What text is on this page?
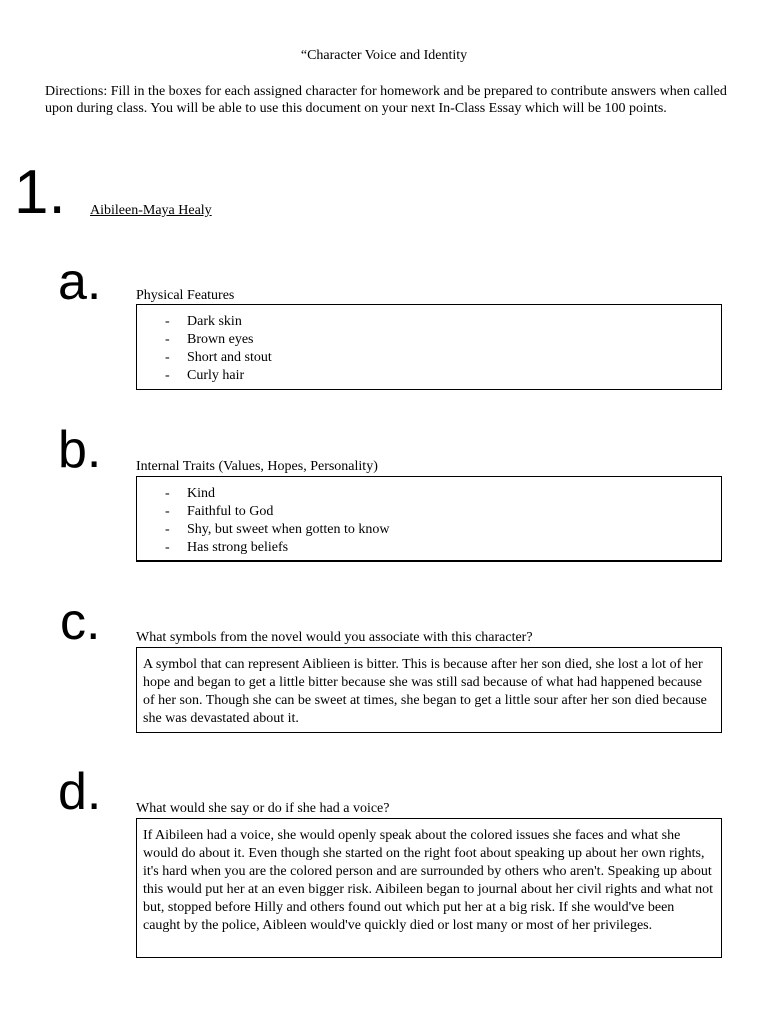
“Character Voice and Identity
Directions: Fill in the boxes for each assigned character for homework and be prepared to contribute answers when called upon during class. You will be able to use this document on your next In-Class Essay which will be 100 points.
1. Aibileen-Maya Healy
a. Physical Features
- Dark skin
- Brown eyes
- Short and stout
- Curly hair
b. Internal Traits (Values, Hopes, Personality)
- Kind
- Faithful to God
- Shy, but sweet when gotten to know
- Has strong beliefs
c.	What symbols from the novel would you associate with this character?

A symbol that can represent Aiblieen is bitter. This is because after her son died, she lost a lot of her hope and began to get a little bitter because she was still sad because of what had happened because of her son. Though she can be sweet at times, she began to get a little sour after her son died because she was devastated about it.

d. What would she say or do if she had a voice?

If Aibileen had a voice, she would openly speak about the colored issues she faces and what she would do about it. Even though she started on the right foot about speaking up about her own rights, it's hard when you are the colored person and are surrounded by others who aren't. Speaking up about this would put her at an even bigger risk. Aibileen began to journal about her civil rights and what not but, stopped before Hilly and others found out which put her at a big risk. If she would've been caught by the police, Aibleen would've quickly died or lost many or most of her privileges.
